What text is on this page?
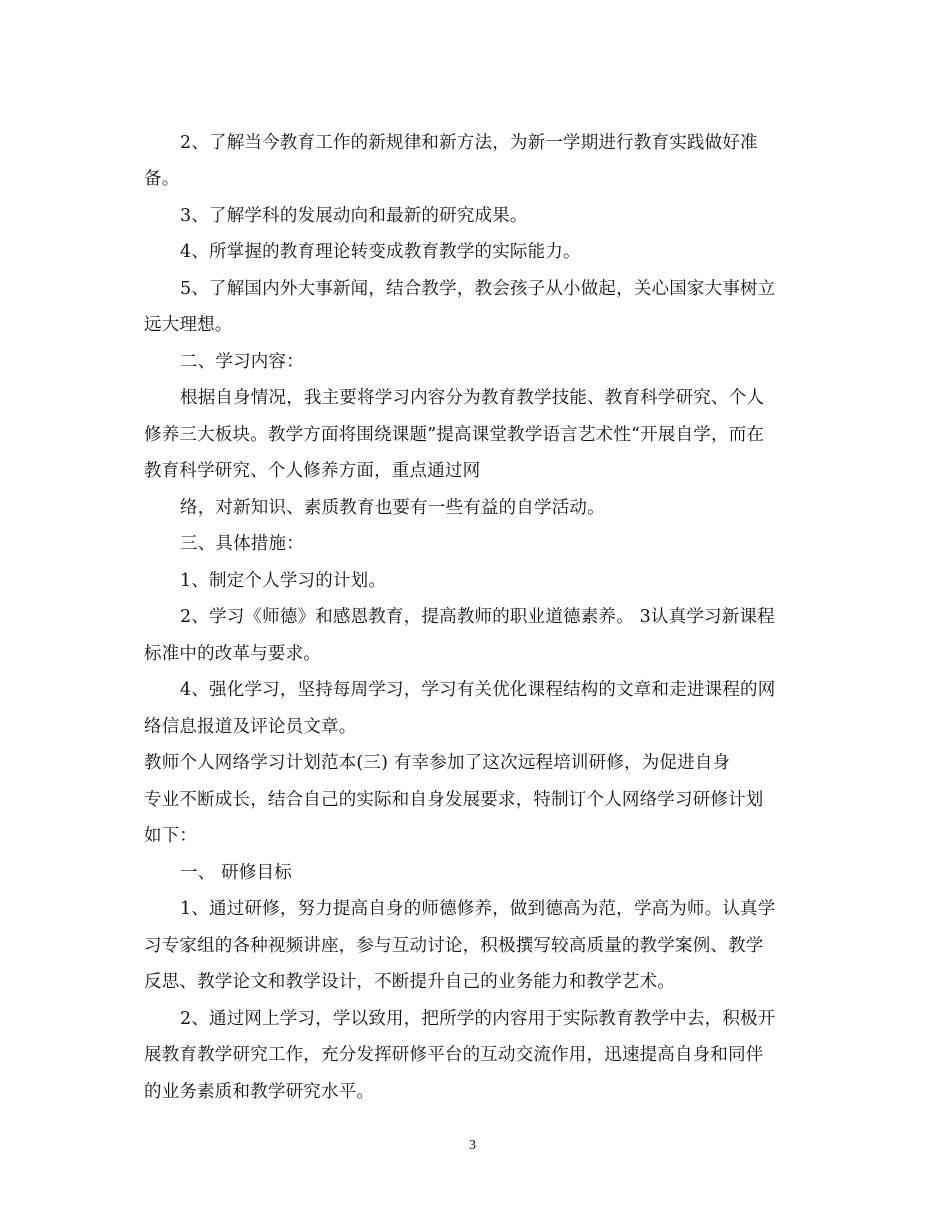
2、了解当今教育工作的新规律和新方法，为新一学期进行教育实践做好准
备。
3、了解学科的发展动向和最新的研究成果。
4、所掌握的教育理论转变成教育教学的实际能力。
5、了解国内外大事新闻，结合教学，教会孩子从小做起，关心国家大事树立
远大理想。
二、学习内容：
根据自身情况，我主要将学习内容分为教育教学技能、教育科学研究、个人
修养三大板块。教学方面将围绕课题”提高课堂教学语言艺术性“开展自学，而在
教育科学研究、个人修养方面，重点通过网
络，对新知识、素质教育也要有一些有益的自学活动。
三、具体措施：
1、制定个人学习的计划。
2、学习《师德》和感恩教育，提高教师的职业道德素养。 3认真学习新课程
标准中的改革与要求。
4、强化学习，坚持每周学习，学习有关优化课程结构的文章和走进课程的网
络信息报道及评论员文章。
教师个人网络学习计划范本(三) 有幸参加了这次远程培训研修，为促进自身
专业不断成长，结合自己的实际和自身发展要求，特制订个人网络学习研修计划
如下：
一、 研修目标
1、通过研修，努力提高自身的师德修养，做到德高为范，学高为师。认真学
习专家组的各种视频讲座，参与互动讨论，积极撰写较高质量的教学案例、教学
反思、教学论文和教学设计，不断提升自己的业务能力和教学艺术。
2、通过网上学习，学以致用，把所学的内容用于实际教育教学中去，积极开
展教育教学研究工作，充分发挥研修平台的互动交流作用，迅速提高自身和同伴
的业务素质和教学研究水平。
3
